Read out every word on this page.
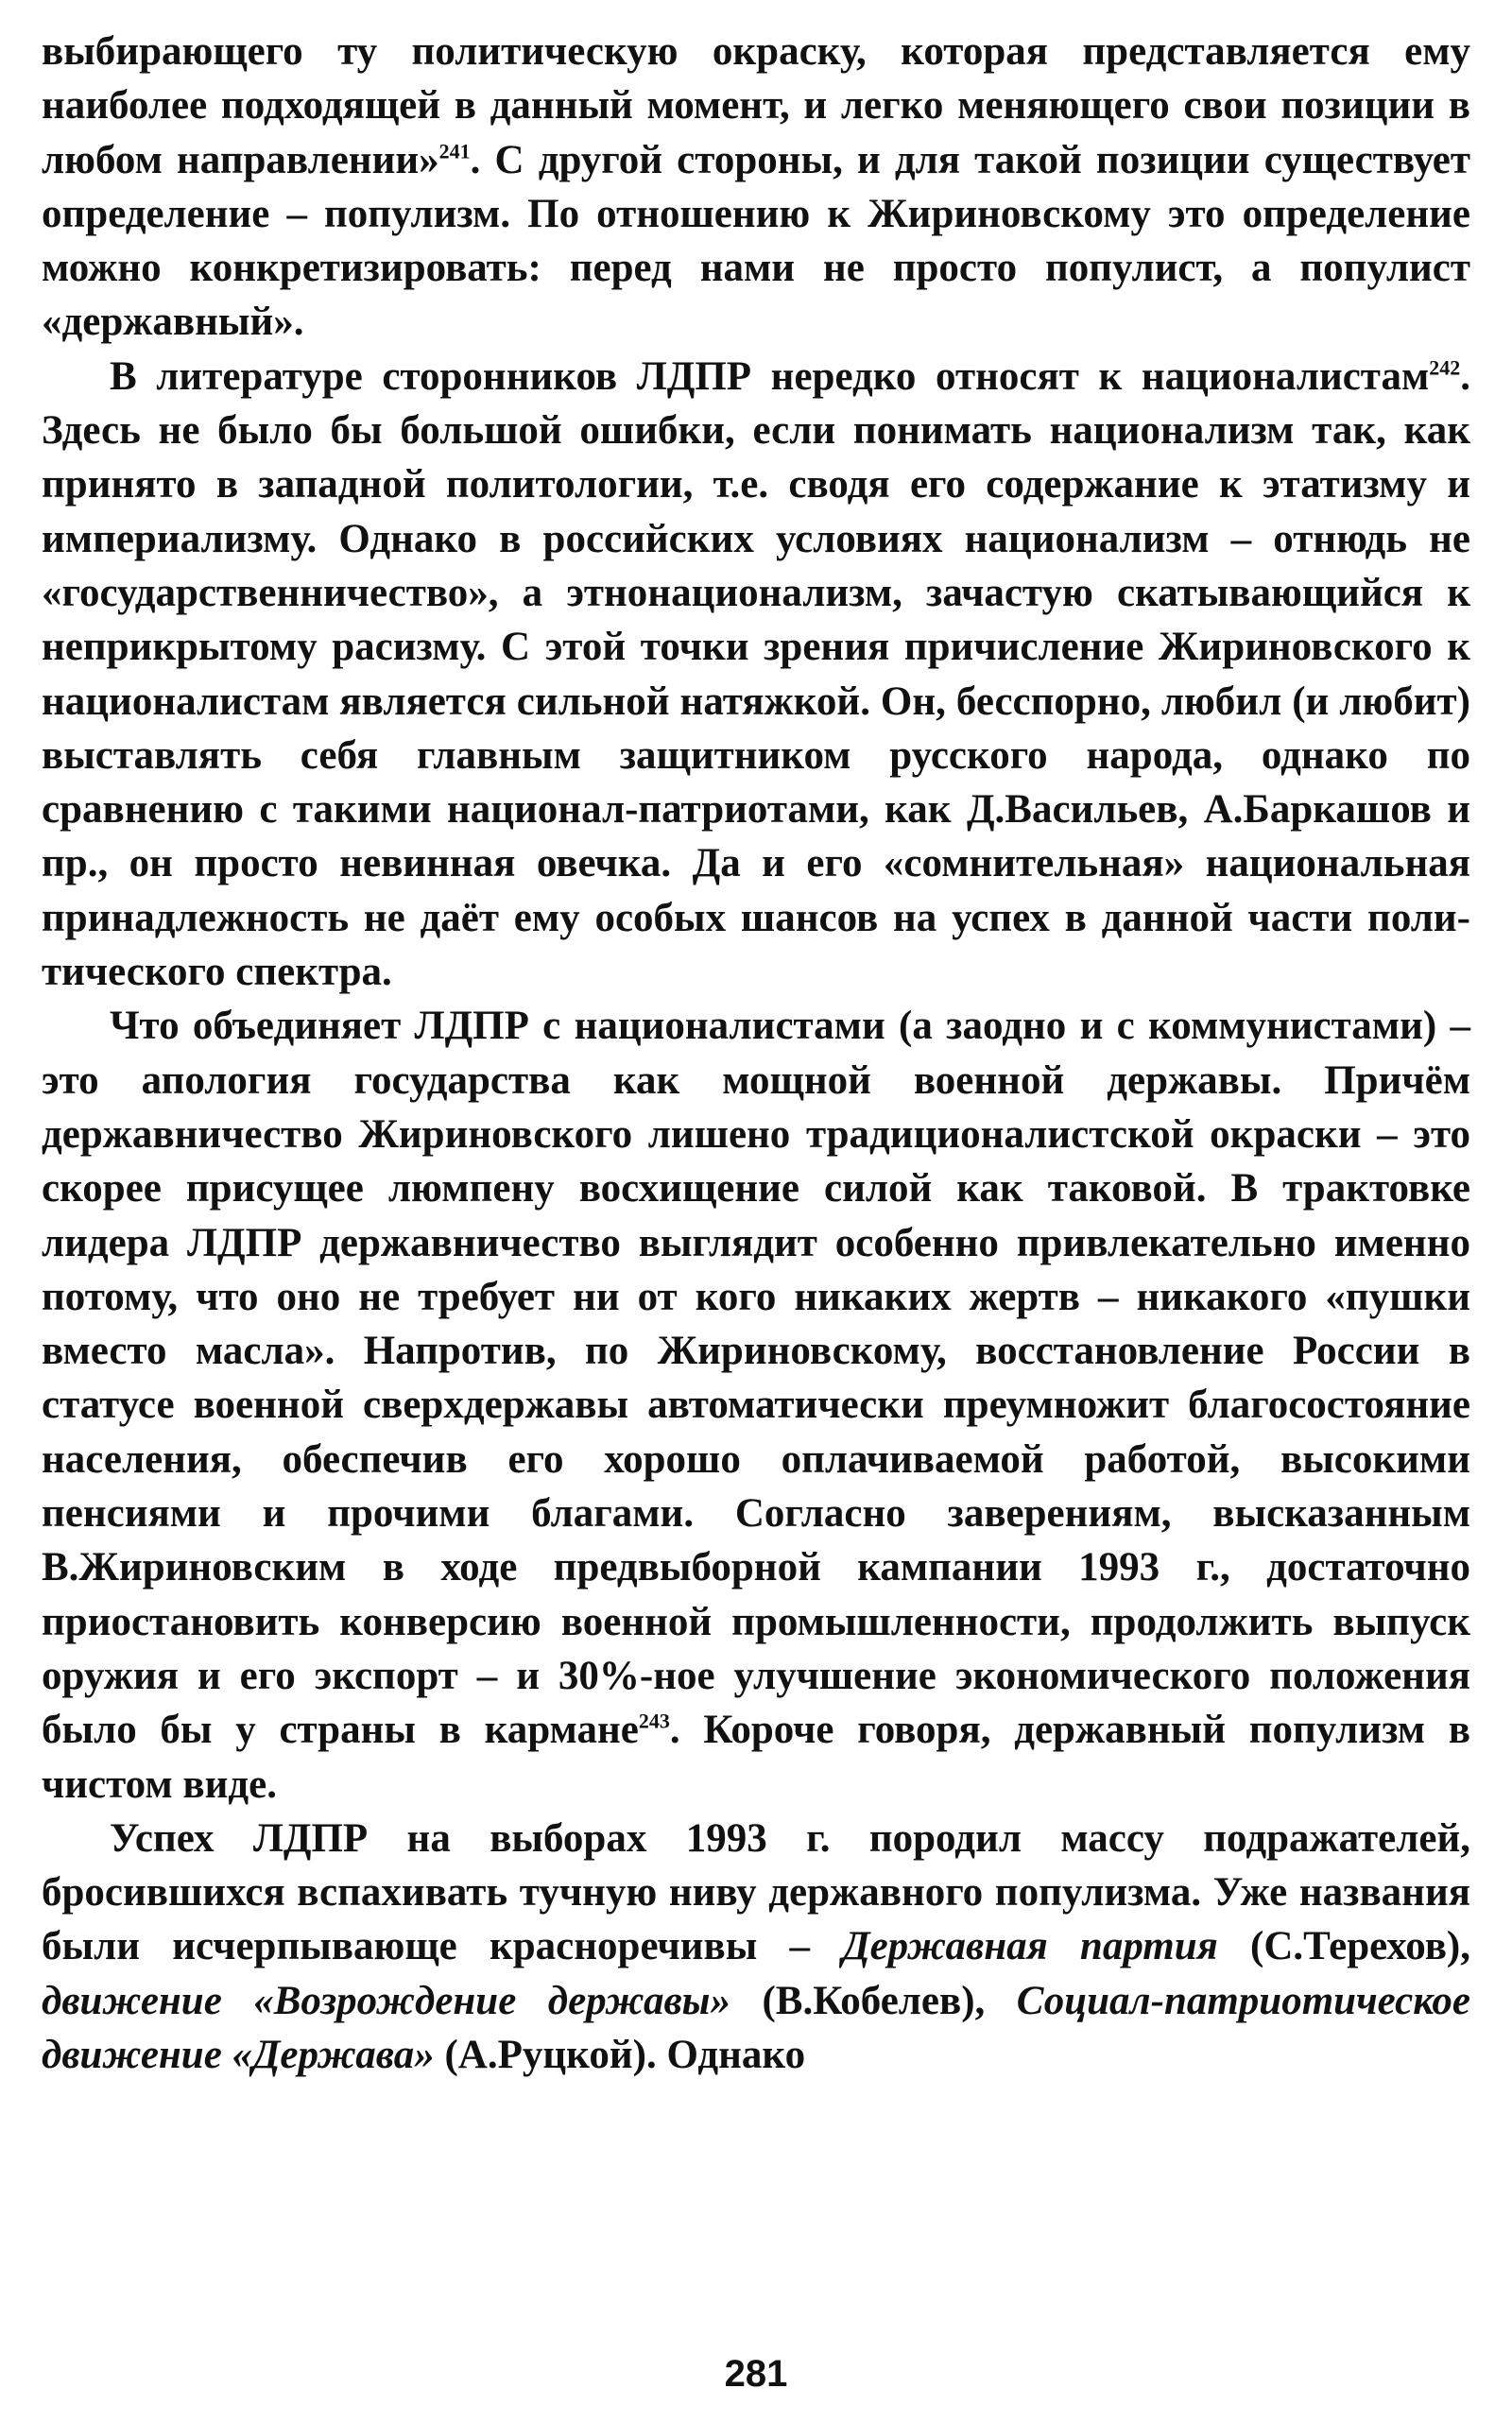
выбирающего ту политическую окраску, которая представляется ему наиболее подходящей в данный момент, и легко меняющего свои позиции в любом направлении»$^{241}$. С другой стороны, и для такой позиции существует определение – популизм. По отношению к Жириновскому это определение можно конкретизировать: перед нами не просто популист, а популист «державный».

В литературе сторонников ЛДПР нередко относят к националистам$^{242}$. Здесь не было бы большой ошибки, если понимать национализм так, как принято в западной политологии, т.е. сводя его содержание к этатизму и империализму. Однако в российских условиях национализм – отнюдь не «государственничество», а этнонационализм, зачастую скатывающийся к неприкрытому расизму. С этой точки зрения причисление Жириновского к националистам является сильной натяжкой. Он, бесспорно, любил (и любит) выставлять себя главным защитником русского народа, однако по сравнению с такими национал-патриотами, как Д.Васильев, А.Баркашов и пр., он просто невинная овечка. Да и его «сомнительная» национальная принадлежность не даёт ему особых шансов на успех в данной части политического спектра.

Что объединяет ЛДПР с националистами (а заодно и с коммунистами) – это апология государства как мощной военной державы. Причём державничество Жириновского лишено традиционалистской окраски – это скорее присущее люмпену восхищение силой как таковой. В трактовке лидера ЛДПР державничество выглядит особенно привлекательно именно потому, что оно не требует ни от кого никаких жертв – никакого «пушки вместо масла». Напротив, по Жириновскому, восстановление России в статусе военной сверхдержавы автоматически преумножит благосостояние населения, обеспечив его хорошо оплачиваемой работой, высокими пенсиями и прочими благами. Согласно заверениям, высказанным В.Жириновским в ходе предвыборной кампании 1993 г., достаточно приостановить конверсию военной промышленности, продолжить выпуск оружия и его экспорт – и 30%-ное улучшение экономического положения было бы у страны в кармане$^{243}$. Короче говоря, державный популизм в чистом виде.

Успех ЛДПР на выборах 1993 г. породил массу подражателей, бросившихся вспахивать тучную ниву державного популизма. Уже названия были исчерпывающе красноречивы – Державная партия (С.Терехов), движение «Возрождение державы» (В.Кобелев), Социал-патриотическое движение «Держава» (А.Руцкой). Однако

281
